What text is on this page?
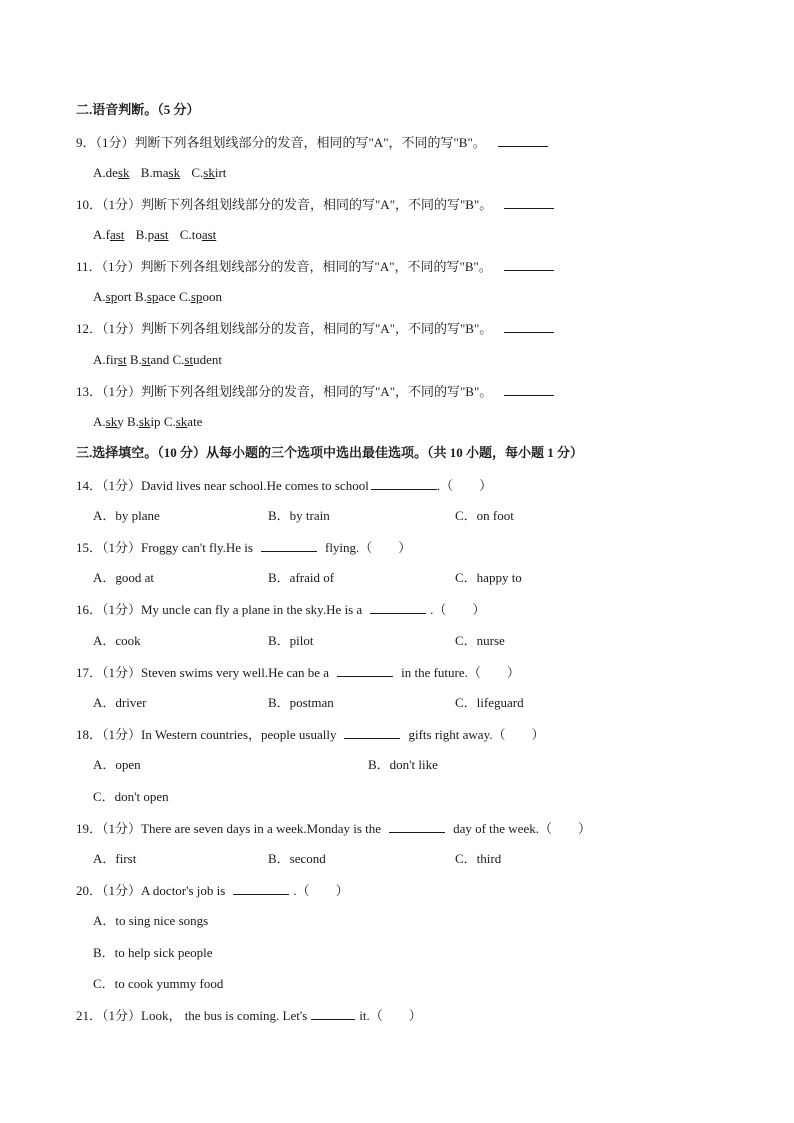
二.语音判断。（5 分）
9．（1分）判断下列各组划线部分的发音，相同的写"A"，不同的写"B"。
A.desk B.mask C.skirt
10．（1分）判断下列各组划线部分的发音，相同的写"A"，不同的写"B"。
A.fast B.past C.toast
11．（1分）判断下列各组划线部分的发音，相同的写"A"，不同的写"B"。
A.sport B.space C.spoon
12．（1分）判断下列各组划线部分的发音，相同的写"A"，不同的写"B"。
A.first B.stand C.student
13．（1分）判断下列各组划线部分的发音，相同的写"A"，不同的写"B"。
A.sky B.skip C.skate
三.选择填空。（10 分）从每小题的三个选项中选出最佳选项。（共 10 小题，每小题 1 分）
14．（1分）David lives near school.He comes to school	.（　　）
A．by plane	B．by train	C．on foot
15．（1分）Froggy can't fly.He is	flying.（　　）
A．good at	B．afraid of	C．happy to
16．（1分）My uncle can fly a plane in the sky.He is a	.（　　）
A．cook	B．pilot	C．nurse
17．（1分）Steven swims very well.He can be a	in the future.（　　）
A．driver	B．postman	C．lifeguard
18．（1分）In Western countries，people usually	gifts right away.（　　）
A．open	B．don't like
C．don't open
19．（1分）There are seven days in a week.Monday is the	day of the week.（　　）
A．first	B．second	C．third
20．（1分）A doctor's job is	.（　　）
A．to sing nice songs
B．to help sick people
C．to cook yummy food
21．（1分）Look， the bus is coming. Let's	it.（　　）
